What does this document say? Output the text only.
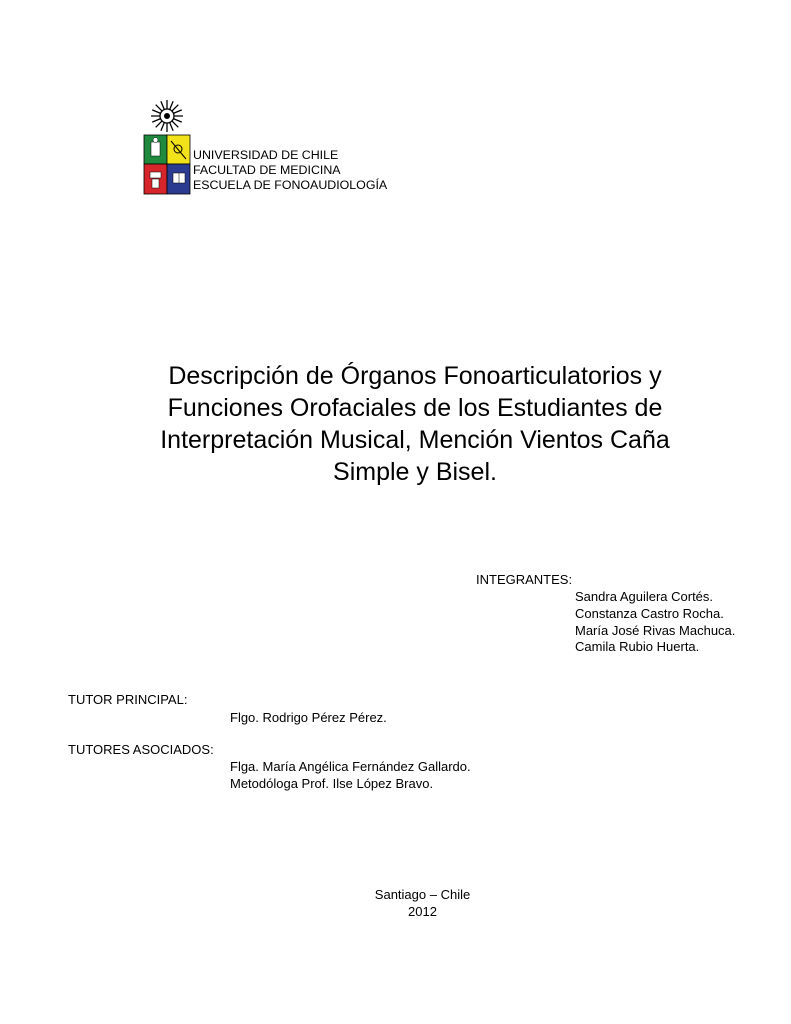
UNIVERSIDAD DE CHILE
FACULTAD DE MEDICINA
ESCUELA DE FONOAUDIOLOGÍA
Descripción de Órganos Fonoarticulatorios y
Funciones Orofaciales de los Estudiantes de
Interpretación Musical, Mención Vientos Caña
Simple y Bisel.
INTEGRANTES:
Sandra Aguilera Cortés.
Constanza Castro Rocha.
María José Rivas Machuca.
Camila Rubio Huerta.
TUTOR PRINCIPAL:
Flgo. Rodrigo Pérez Pérez.
TUTORES ASOCIADOS:
Flga. María Angélica Fernández Gallardo.
Metodóloga Prof. Ilse López Bravo.
Santiago – Chile
2012
